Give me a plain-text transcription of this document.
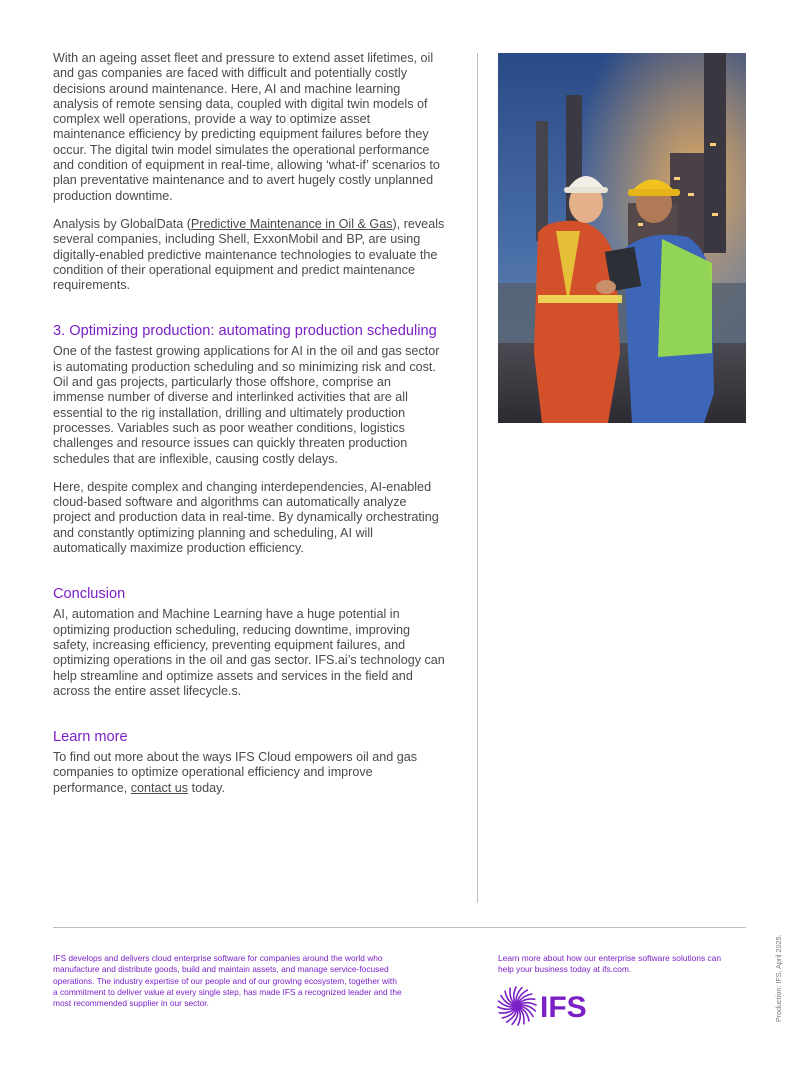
With an ageing asset fleet and pressure to extend asset lifetimes, oil and gas companies are faced with difficult and potentially costly decisions around maintenance. Here, AI and machine learning analysis of remote sensing data, coupled with digital twin models of complex well operations, provide a way to optimize asset maintenance efficiency by predicting equipment failures before they occur. The digital twin model simulates the operational performance and condition of equipment in real-time, allowing ‘what-if’ scenarios to plan preventative maintenance and to avert hugely costly unplanned production downtime.

Analysis by GlobalData (Predictive Maintenance in Oil & Gas), reveals several companies, including Shell, ExxonMobil and BP, are using digitally-enabled predictive maintenance technologies to evaluate the condition of their operational equipment and predict maintenance requirements.

3. Optimizing production: automating production scheduling

One of the fastest growing applications for AI in the oil and gas sector is automating production scheduling and so minimizing risk and cost. Oil and gas projects, particularly those offshore, comprise an immense number of diverse and interlinked activities that are all essential to the rig installation, drilling and ultimately production processes. Variables such as poor weather conditions, logistics challenges and resource issues can quickly threaten production schedules that are inflexible, causing costly delays.

Here, despite complex and changing interdependencies, AI-enabled cloud-based software and algorithms can automatically analyze project and production data in real-time. By dynamically orchestrating and constantly optimizing planning and scheduling, AI will automatically maximize production efficiency.

Conclusion

AI, automation and Machine Learning have a huge potential in optimizing production scheduling, reducing downtime, improving safety, increasing efficiency, preventing equipment failures, and optimizing operations in the oil and gas sector. IFS.ai’s technology can help streamline and optimize assets and services in the field and across the entire asset lifecycle.s.

Learn more

To find out more about the ways IFS Cloud empowers oil and gas companies to optimize operational efficiency and improve performance, contact us today.

IFS develops and delivers cloud enterprise software for companies around the world who manufacture and distribute goods, build and maintain assets, and manage service-focused operations. The industry expertise of our people and of our growing ecosystem, together with a commitment to deliver value at every single step, has made IFS a recognized leader and the most recommended supplier in our sector.
Learn more about how our enterprise software solutions can help your business today at ifs.com.
IFS	Production: IFS, April 2025.
